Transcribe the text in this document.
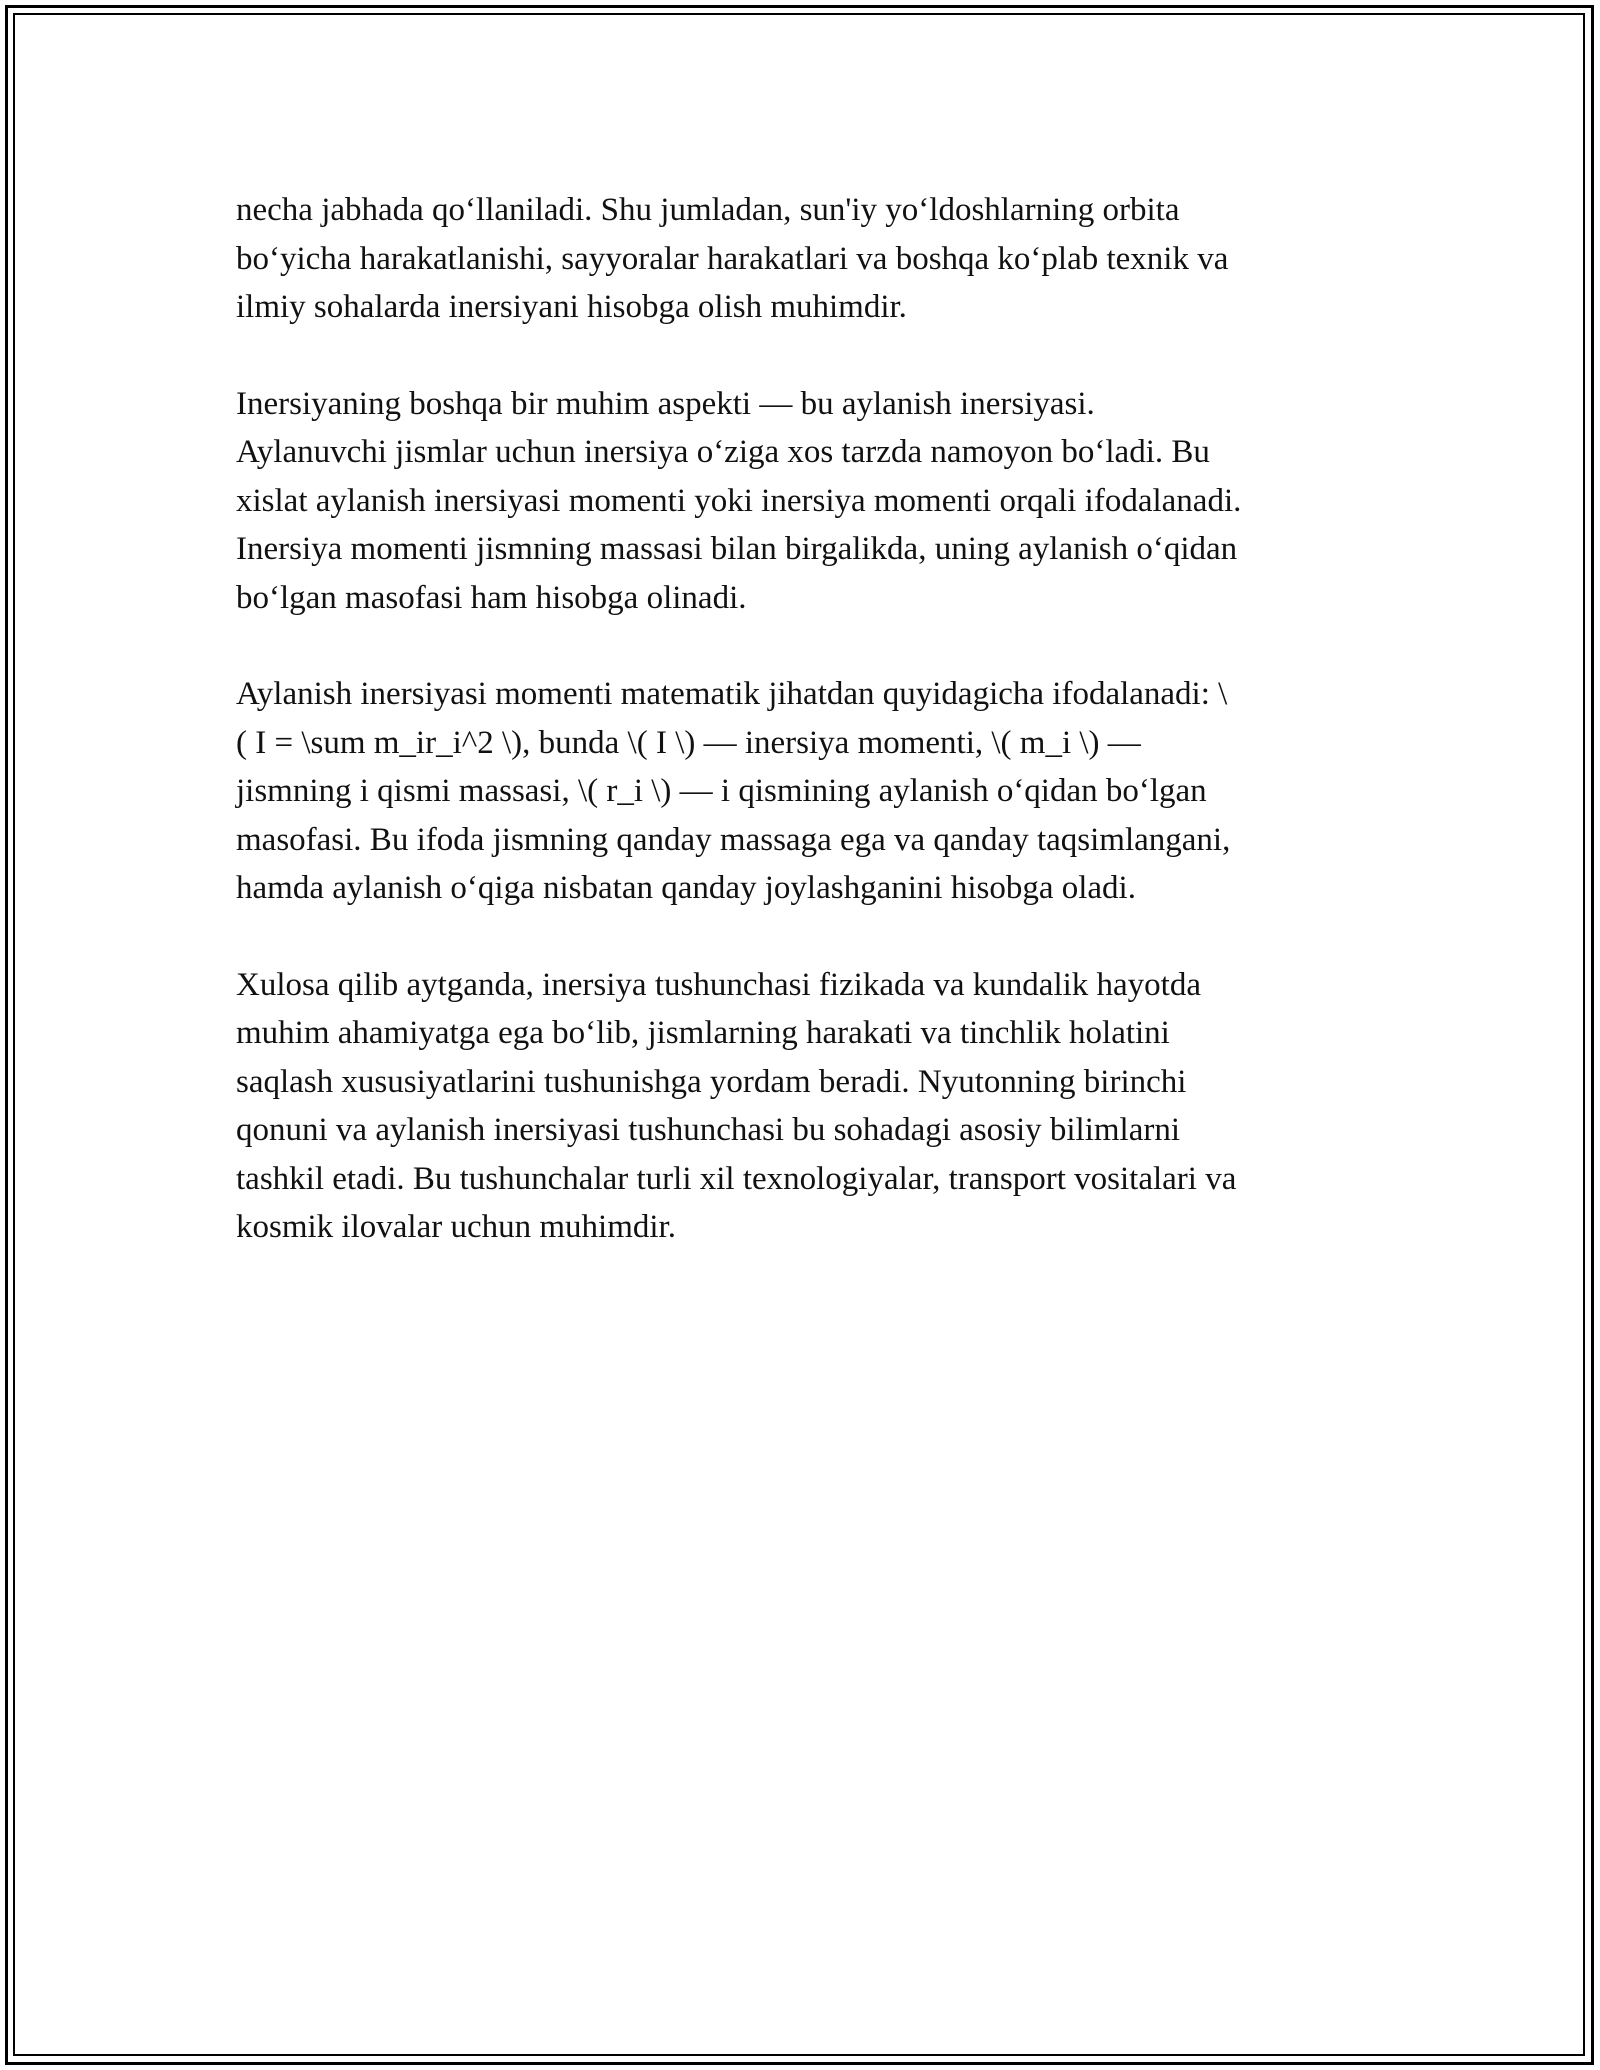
necha jabhada qo‘llaniladi. Shu jumladan, sun'iy yo‘ldoshlarning orbita
bo‘yicha harakatlanishi, sayyoralar harakatlari va boshqa ko‘plab texnik va
ilmiy sohalarda inersiyani hisobga olish muhimdir.

Inersiyaning boshqa bir muhim aspekti — bu aylanish inersiyasi.
Aylanuvchi jismlar uchun inersiya o‘ziga xos tarzda namoyon bo‘ladi. Bu
xislat aylanish inersiyasi momenti yoki inersiya momenti orqali ifodalanadi.
Inersiya momenti jismning massasi bilan birgalikda, uning aylanish o‘qidan
bo‘lgan masofasi ham hisobga olinadi.

Aylanish inersiyasi momenti matematik jihatdan quyidagicha ifodalanadi: \
( I = \sum m_ir_i^2 \), bunda \( I \) — inersiya momenti, \( m_i \) —
jismning i qismi massasi, \( r_i \) — i qismining aylanish o‘qidan bo‘lgan
masofasi. Bu ifoda jismning qanday massaga ega va qanday taqsimlangani,
hamda aylanish o‘qiga nisbatan qanday joylashganini hisobga oladi.

Xulosa qilib aytganda, inersiya tushunchasi fizikada va kundalik hayotda
muhim ahamiyatga ega bo‘lib, jismlarning harakati va tinchlik holatini
saqlash xususiyatlarini tushunishga yordam beradi. Nyutonning birinchi
qonuni va aylanish inersiyasi tushunchasi bu sohadagi asosiy bilimlarni
tashkil etadi. Bu tushunchalar turli xil texnologiyalar, transport vositalari va
kosmik ilovalar uchun muhimdir.
